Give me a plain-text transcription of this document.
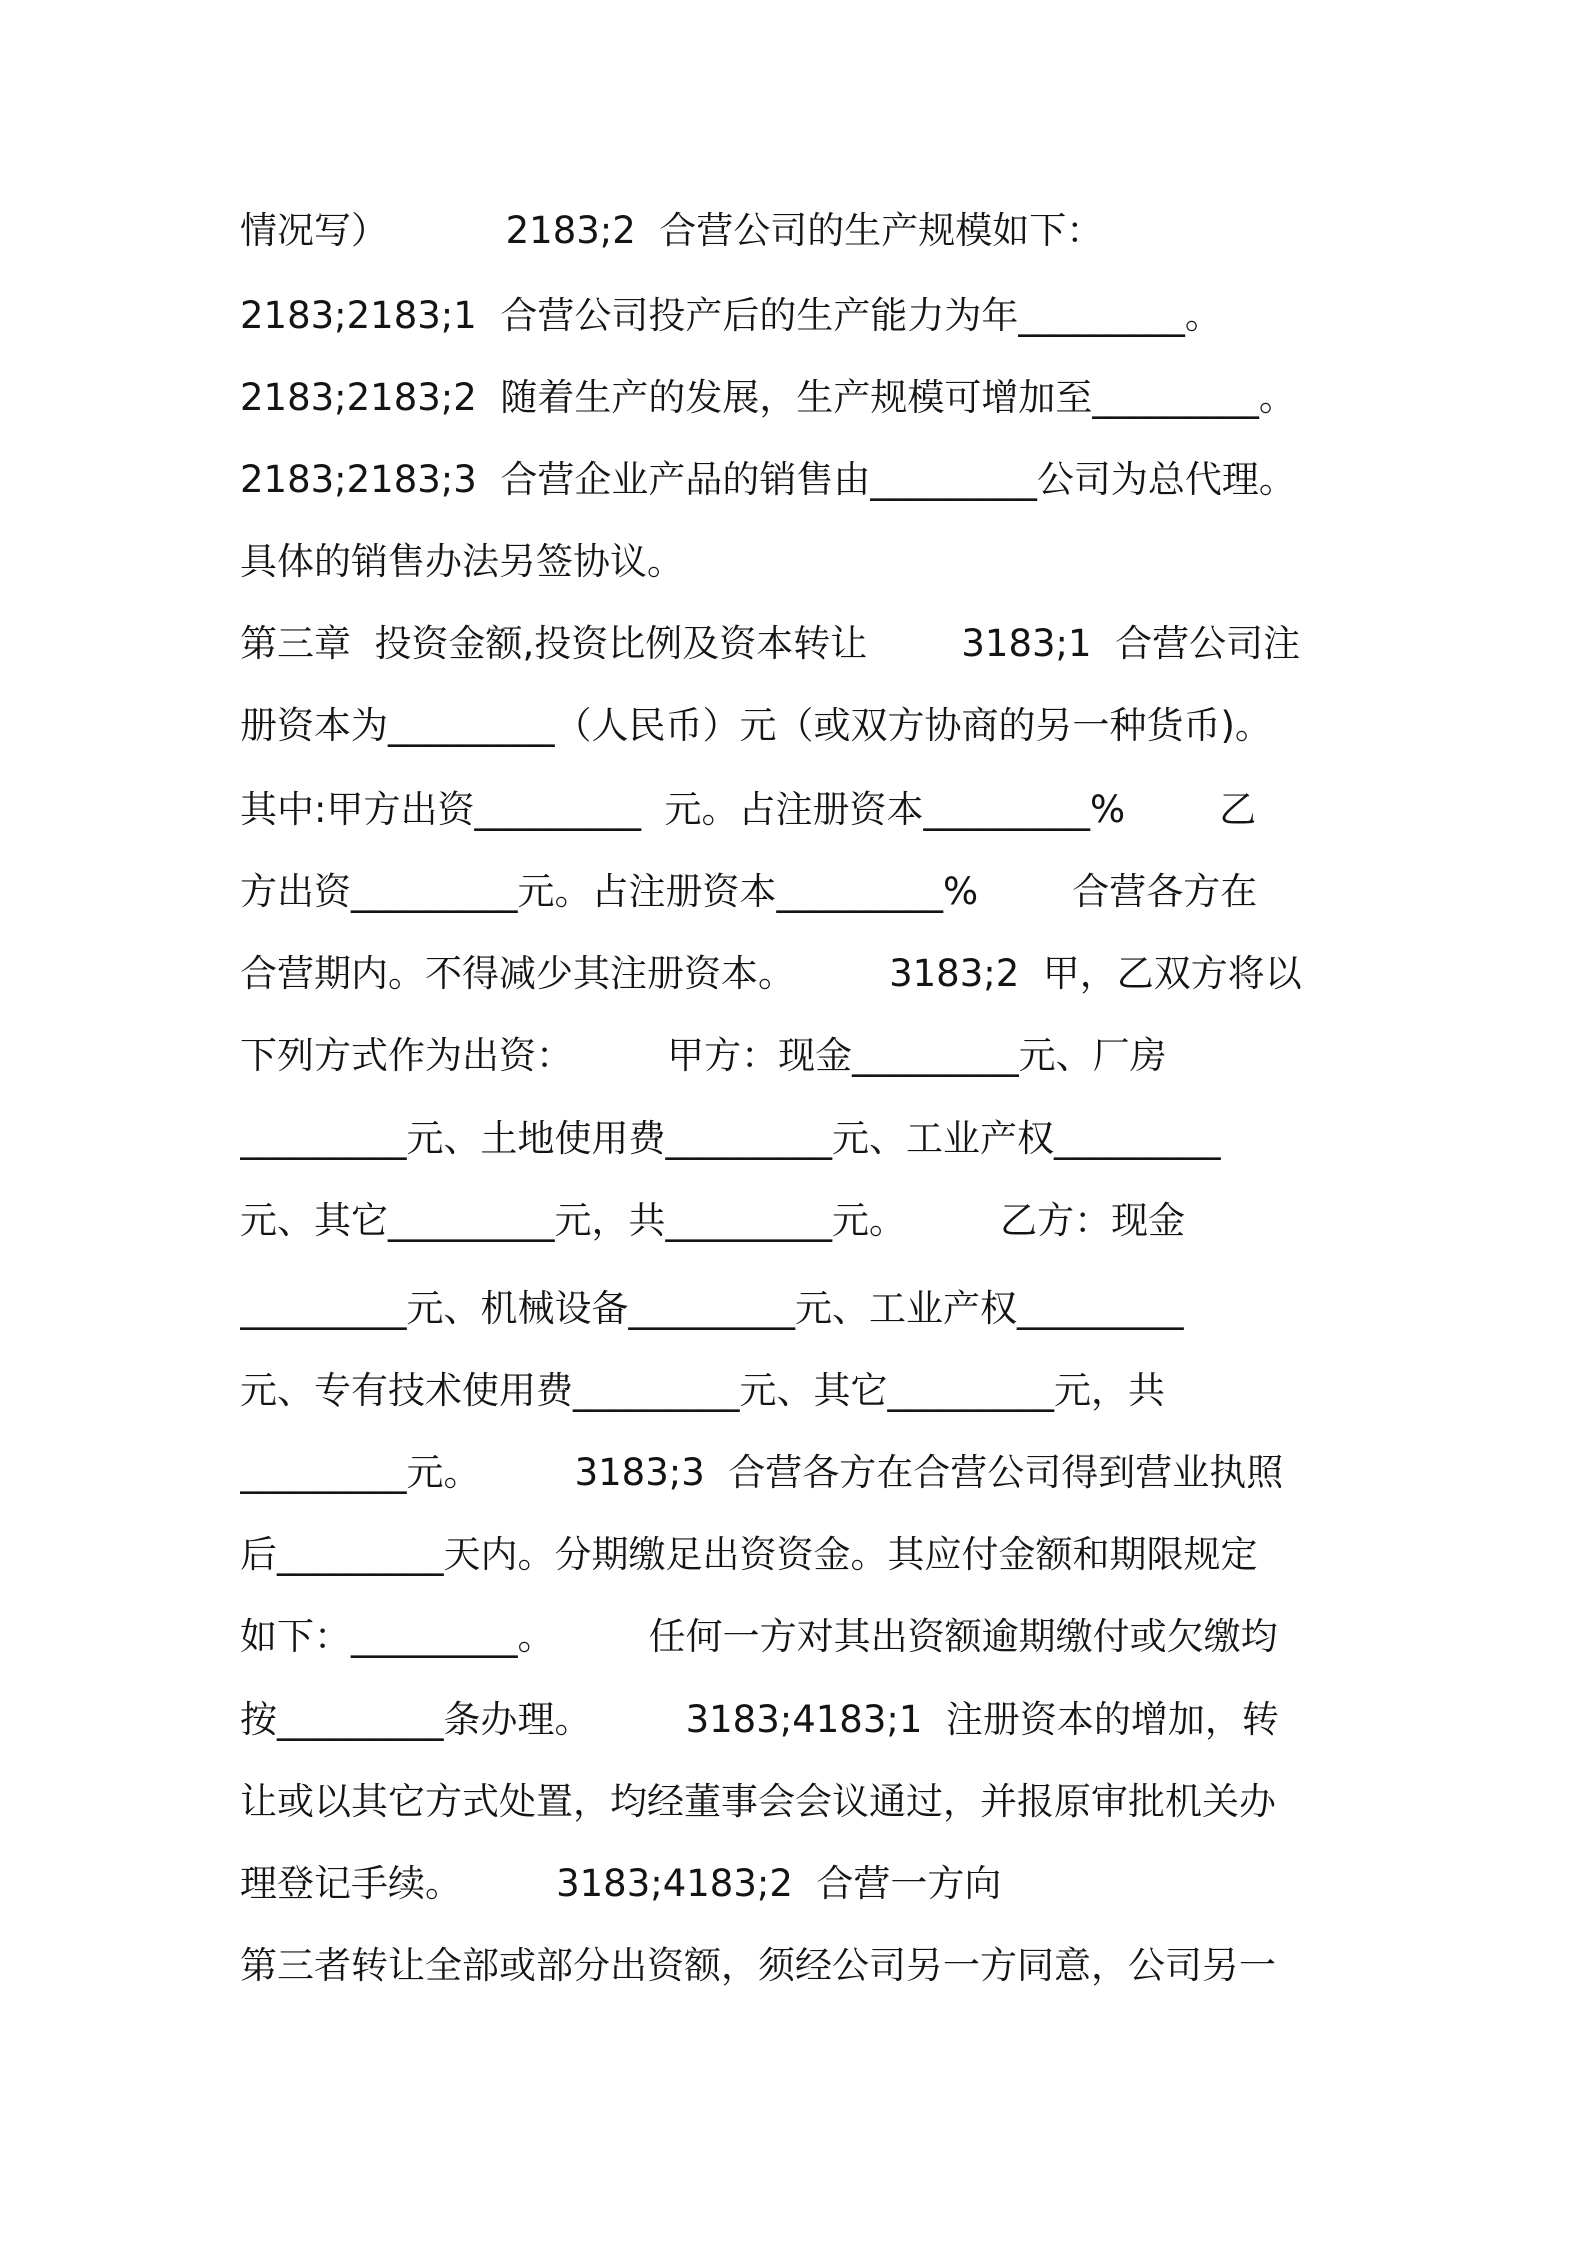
情况写）          2183;2  合营公司的生产规模如下：
2183;2183;1  合营公司投产后的生产能力为年_________。
2183;2183;2  随着生产的发展，生产规模可增加至_________。
2183;2183;3  合营企业产品的销售由_________公司为总代理。
具体的销售办法另签协议。
第三章  投资金额,投资比例及资本转让        3183;1  合营公司注
册资本为_________（人民币）元（或双方协商的另一种货币)。
其中:甲方出资_________  元。占注册资本_________%        乙
方出资_________元。占注册资本_________%        合营各方在
合营期内。不得减少其注册资本。        3183;2  甲，乙双方将以
下列方式作为出资：        甲方：现金_________元、厂房
_________元、土地使用费_________元、工业产权_________
元、其它_________元，共_________元。        乙方：现金
_________元、机械设备_________元、工业产权_________
元、专有技术使用费_________元、其它_________元，共
_________元。        3183;3  合营各方在合营公司得到营业执照
后_________天内。分期缴足出资资金。其应付金额和期限规定
如下：_________。        任何一方对其出资额逾期缴付或欠缴均
按_________条办理。        3183;4183;1  注册资本的增加，转
让或以其它方式处置，均经董事会会议通过，并报原审批机关办
理登记手续。        3183;4183;2  合营一方向
第三者转让全部或部分出资额，须经公司另一方同意，公司另一
